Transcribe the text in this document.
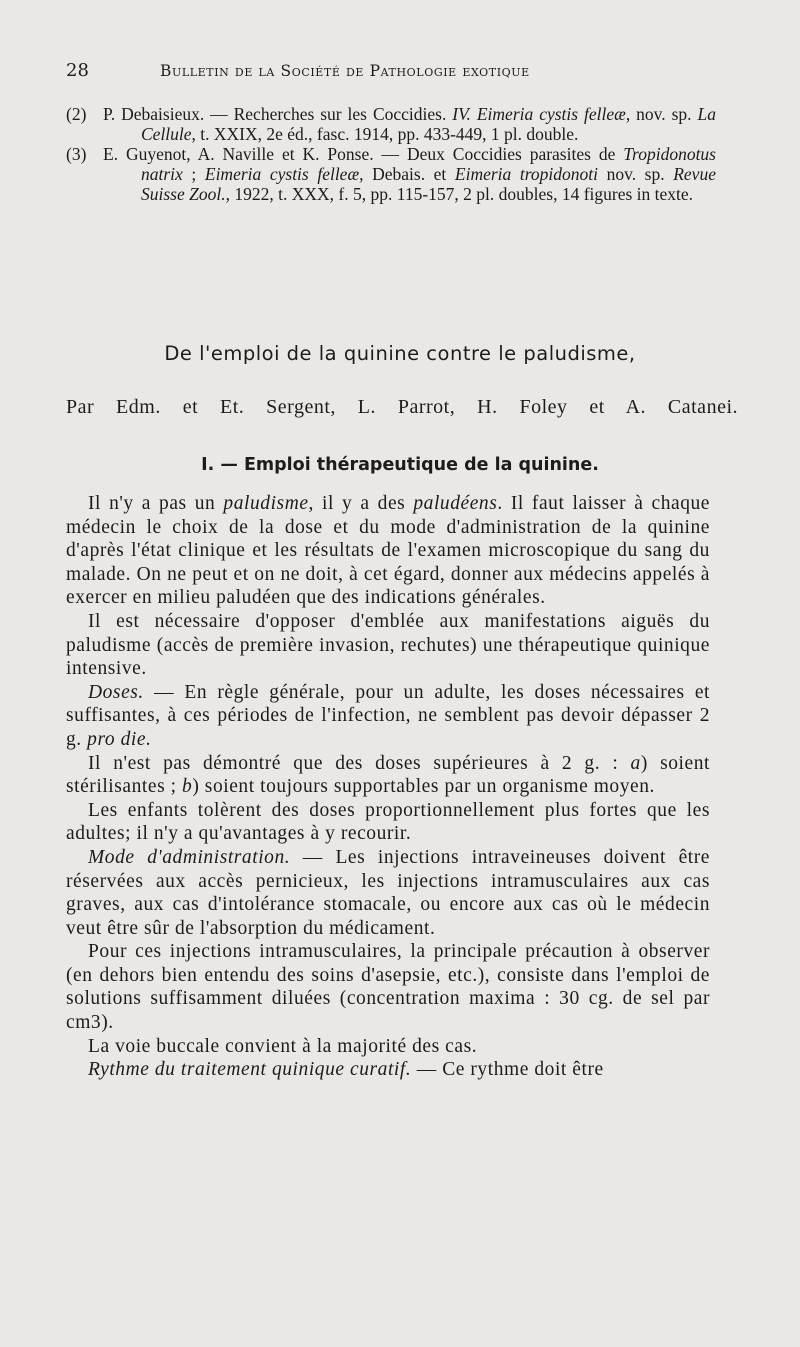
28	Bulletin de la Société de Pathologie exotique

(2) P. Debaisieux. — Recherches sur les Coccidies. IV. Eimeria cystis felleæ, nov. sp. La Cellule, t. XXIX, 2e éd., fasc. 1914, pp. 433-449, 1 pl. double.

(3) E. Guyenot, A. Naville et K. Ponse. — Deux Coccidies parasites de Tropidonotus natrix ; Eimeria cystis felleæ, Debais. et Eimeria tropidonoti nov. sp. Revue Suisse Zool., 1922, t. XXX, f. 5, pp. 115-157, 2 pl. doubles, 14 figures in texte.

De l'emploi de la quinine contre le paludisme,
Par Edm. et Et. Sergent, L. Parrot, H. Foley et A. Catanei.
I. — Emploi thérapeutique de la quinine.

Il n'y a pas un paludisme, il y a des paludéens. Il faut laisser à chaque médecin le choix de la dose et du mode d'administration de la quinine d'après l'état clinique et les résultats de l'examen microscopique du sang du malade. On ne peut et on ne doit, à cet égard, donner aux médecins appelés à exercer en milieu paludéen que des indications générales.

Il est nécessaire d'opposer d'emblée aux manifestations aiguës du paludisme (accès de première invasion, rechutes) une thérapeutique quinique intensive.

Doses. — En règle générale, pour un adulte, les doses nécessaires et suffisantes, à ces périodes de l'infection, ne semblent pas devoir dépasser 2 g. pro die.

Il n'est pas démontré que des doses supérieures à 2 g. : a) soient stérilisantes ; b) soient toujours supportables par un organisme moyen.

Les enfants tolèrent des doses proportionnellement plus fortes que les adultes; il n'y a qu'avantages à y recourir.

Mode d'administration. — Les injections intraveineuses doivent être réservées aux accès pernicieux, les injections intramusculaires aux cas graves, aux cas d'intolérance stomacale, ou encore aux cas où le médecin veut être sûr de l'absorption du médicament.

Pour ces injections intramusculaires, la principale précaution à observer (en dehors bien entendu des soins d'asepsie, etc.), consiste dans l'emploi de solutions suffisamment diluées (concentration maxima : 30 cg. de sel par cm3).

La voie buccale convient à la majorité des cas.

Rythme du traitement quinique curatif. — Ce rythme doit être
